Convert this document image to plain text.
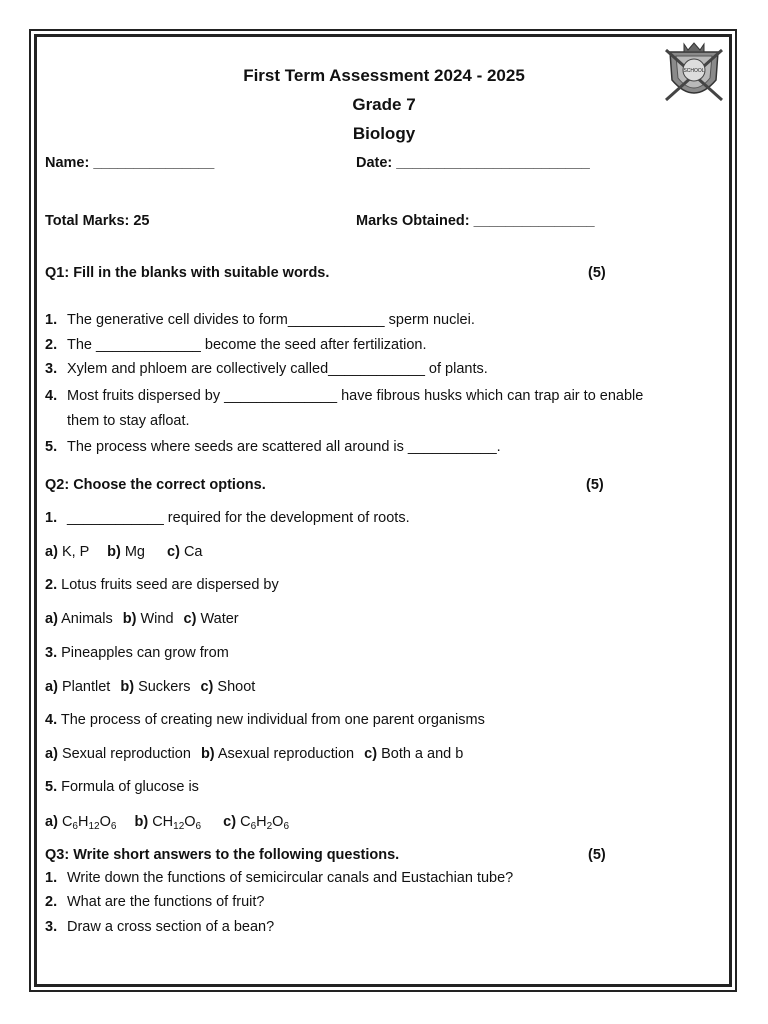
SCHOOL
First Term Assessment 2024 - 2025
Grade 7
Biology
Name: _______________	Date: ________________________
Total Marks: 25	Marks Obtained: _______________
Q1: Fill in the blanks with suitable words.	(5)
1. The generative cell divides to form____________ sperm nuclei.
2. The _____________ become the seed after fertilization.
3. Xylem and phloem are collectively called____________ of plants.
4. Most fruits dispersed by ______________ have fibrous husks which can trap air to enable
them to stay afloat.
5. The process where seeds are scattered all around is ___________.
Q2: Choose the correct options.	(5)
1. ____________ required for the development of roots.
a) K, P b) Mg c) Ca
2. Lotus fruits seed are dispersed by
a) Animals b) Wind c) Water
3. Pineapples can grow from
a) Plantlet b) Suckers c) Shoot
4. The process of creating new individual from one parent organisms
a) Sexual reproduction b) Asexual reproduction c) Both a and b
5. Formula of glucose is
a) $C_6H_{12}O_6$ b) $CH_{12}O_6$ c) $C_6H_2O_6$
Q3: Write short answers to the following questions.	(5)
1. Write down the functions of semicircular canals and Eustachian tube?
2. What are the functions of fruit?
3. Draw a cross section of a bean?
